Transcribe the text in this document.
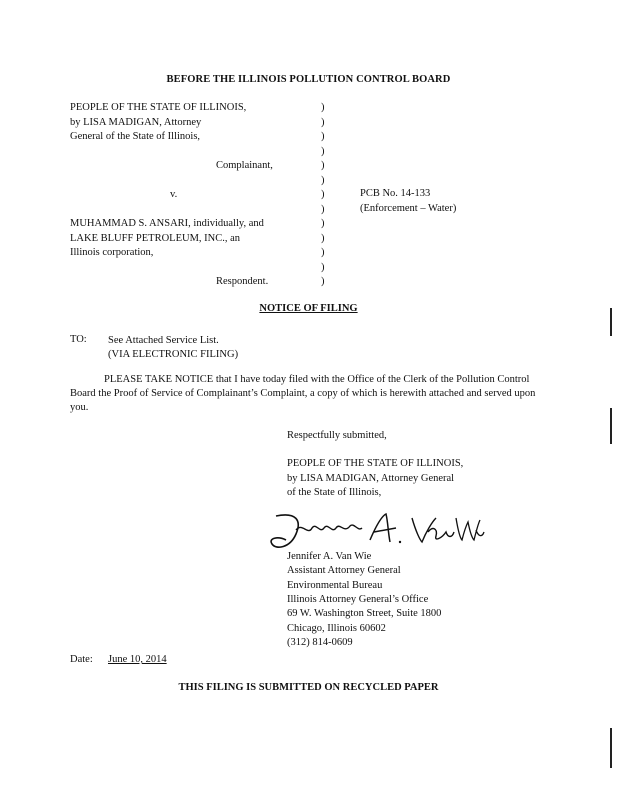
BEFORE THE ILLINOIS POLLUTION CONTROL BOARD
PEOPLE OF THE STATE OF ILLINOIS,
by LISA MADIGAN, Attorney
General of the State of Illinois,
Complainant,
v.
MUHAMMAD S. ANSARI, individually, and
LAKE BLUFF PETROLEUM, INC., an
Illinois corporation,
Respondent.
)
)
)
)
)
)
)
)
)
)
)
)
)
PCB No. 14-133
(Enforcement – Water)
NOTICE OF FILING
TO: See Attached Service List.
(VIA ELECTRONIC FILING)
PLEASE TAKE NOTICE that I have today filed with the Office of the Clerk of the Pollution Control Board the Proof of Service of Complainant’s Complaint, a copy of which is herewith attached and served upon you.
Respectfully submitted,
PEOPLE OF THE STATE OF ILLINOIS,
by LISA MADIGAN, Attorney General
of the State of Illinois,
Jennifer A. Van Wie
Assistant Attorney General
Environmental Bureau
Illinois Attorney General’s Office
69 W. Washington Street, Suite 1800
Chicago, Illinois 60602
(312) 814-0609
Date: June 10, 2014
THIS FILING IS SUBMITTED ON RECYCLED PAPER
